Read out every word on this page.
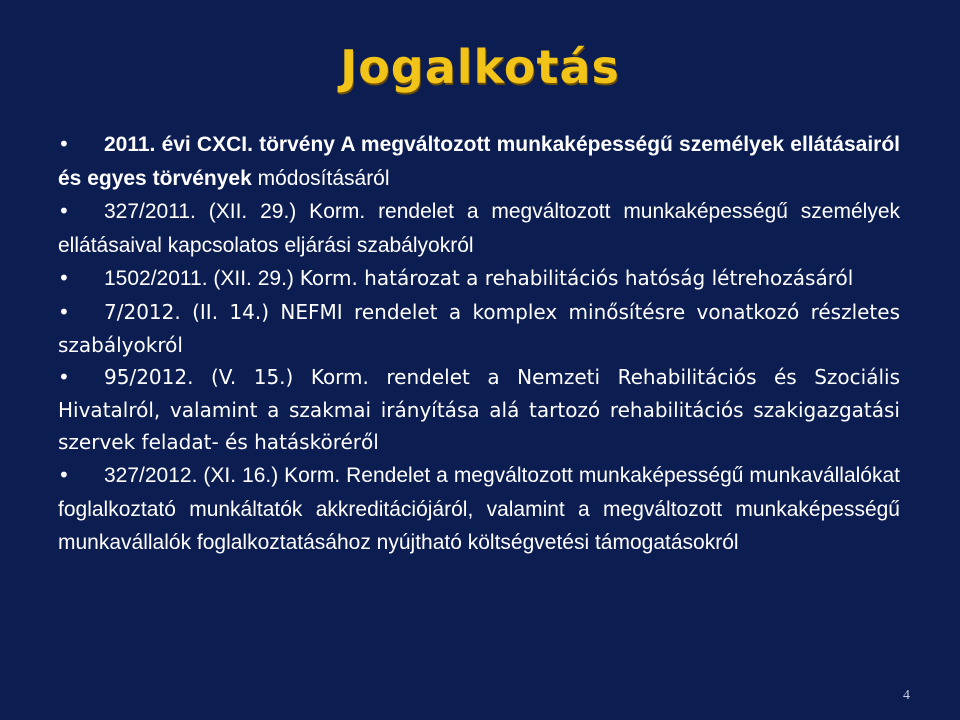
Jogalkotás

• 2011. évi CXCI. törvény A megváltozott munkaképességű személyek ellátásairól és egyes törvények módosításáról

• 327/2011. (XII. 29.) Korm. rendelet a megváltozott munkaképességű személyek ellátásaival kapcsolatos eljárási szabályokról

• 1502/2011. (XII. 29.) Korm. határozat a rehabilitációs hatóság létrehozásáról

• 7/2012. (II. 14.) NEFMI rendelet a komplex minősítésre vonatkozó részletes szabályokról

• 95/2012. (V. 15.) Korm. rendelet a Nemzeti Rehabilitációs és Szociális Hivatalról, valamint a szakmai irányítása alá tartozó rehabilitációs szakigazgatási szervek feladat- és hatásköréről

• 327/2012. (XI. 16.) Korm. Rendelet a megváltozott munkaképességű munkavállalókat foglalkoztató munkáltatók akkreditációjáról, valamint a megváltozott munkaképességű munkavállalók foglalkoztatásához nyújtható költségvetési támogatásokról

4
